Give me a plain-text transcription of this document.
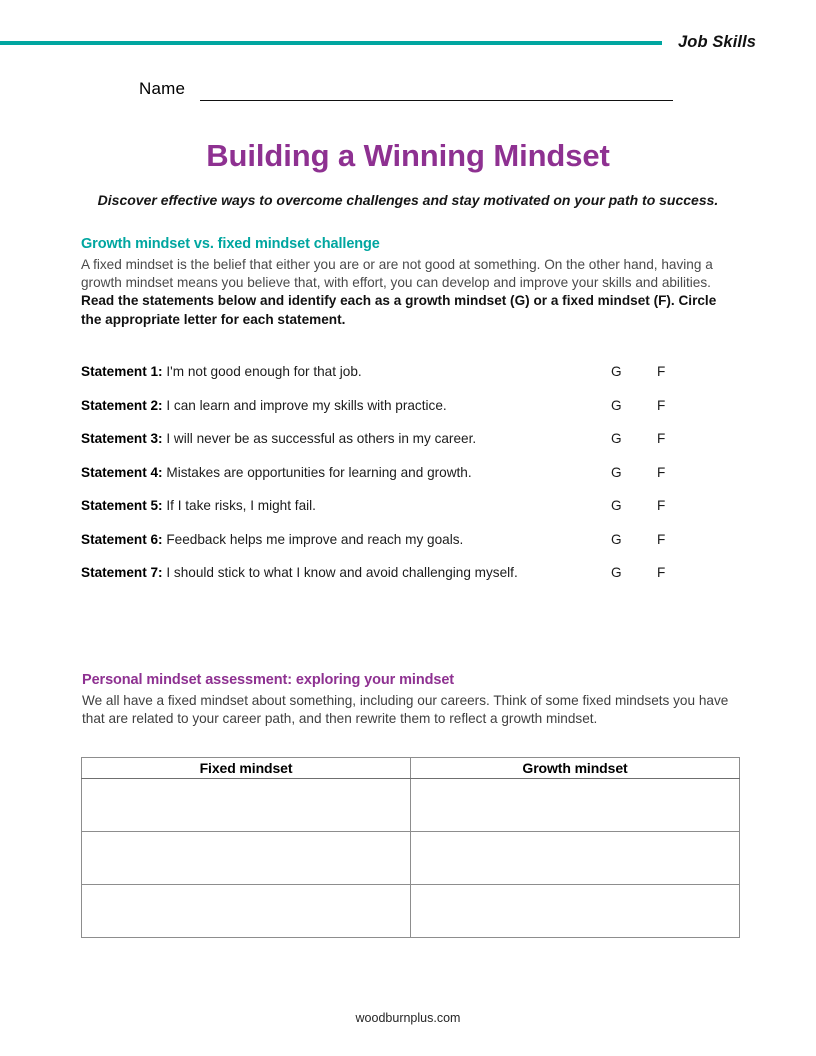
Job Skills
Name
Building a Winning Mindset
Discover effective ways to overcome challenges and stay motivated on your path to success.
Growth mindset vs. fixed mindset challenge

A fixed mindset is the belief that either you are or are not good at something. On the other hand, having a growth mindset means you believe that, with effort, you can develop and improve your skills and abilities. Read the statements below and identify each as a growth mindset (G) or a fixed mindset (F). Circle the appropriate letter for each statement.

Statement 1: I'm not good enough for that job.	G	F
Statement 2: I can learn and improve my skills with practice.	G	F
Statement 3: I will never be as successful as others in my career.	G	F
Statement 4: Mistakes are opportunities for learning and growth.	G	F
Statement 5: If I take risks, I might fail.	G	F
Statement 6: Feedback helps me improve and reach my goals.	G	F
Statement 7: I should stick to what I know and avoid challenging myself.	G	F
Personal mindset assessment: exploring your mindset

We all have a fixed mindset about something, including our careers. Think of some fixed mindsets you have that are related to your career path, and then rewrite them to reflect a growth mindset.

Fixed mindset	Growth mindset

woodburnplus.com
